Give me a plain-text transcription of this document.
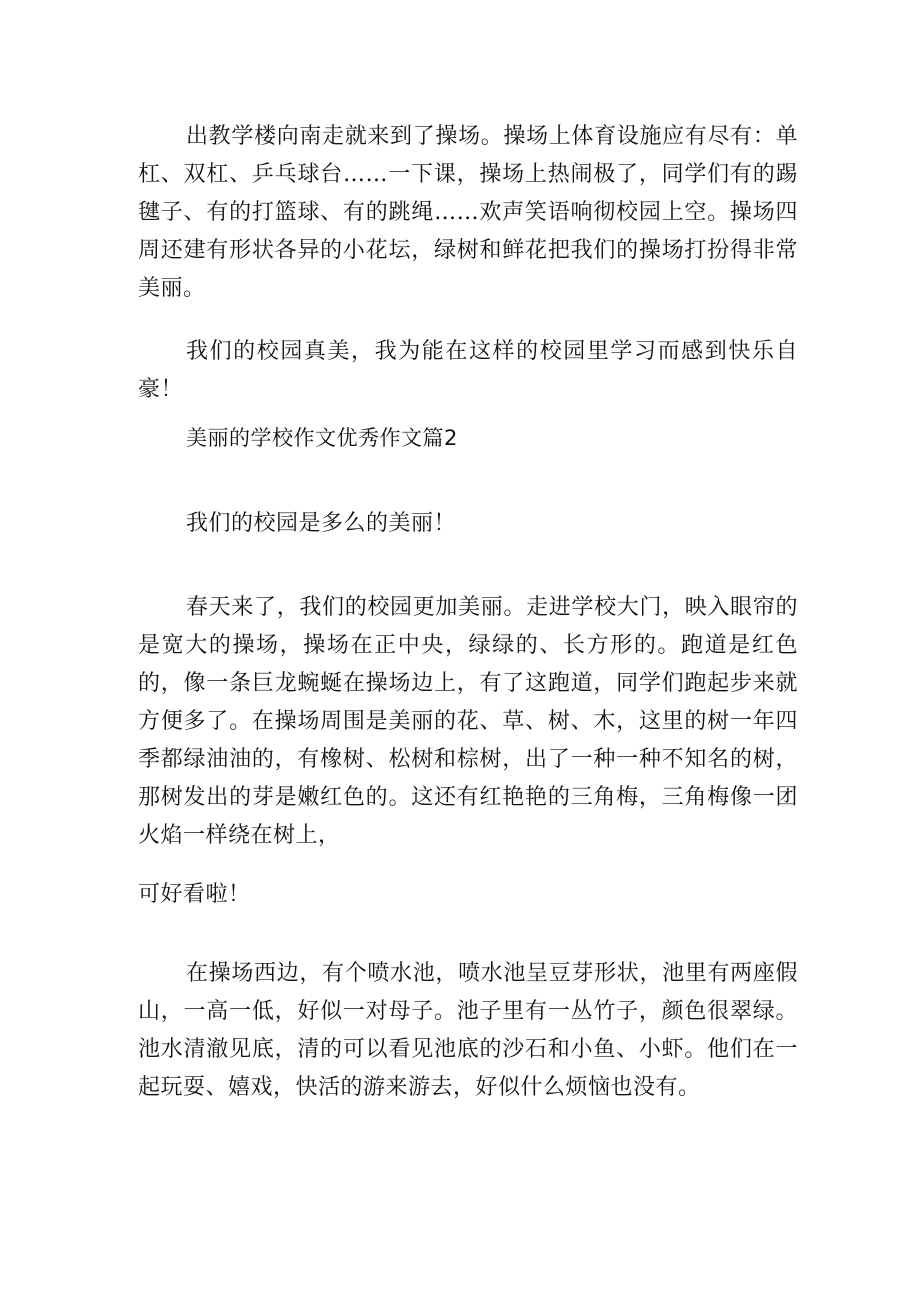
出教学楼向南走就来到了操场。操场上体育设施应有尽有：单杠、双杠、乒乓球台……一下课，操场上热闹极了，同学们有的踢毽子、有的打篮球、有的跳绳……欢声笑语响彻校园上空。操场四周还建有形状各异的小花坛，绿树和鲜花把我们的操场打扮得非常美丽。

我们的校园真美，我为能在这样的校园里学习而感到快乐自豪！

美丽的学校作文优秀作文篇2

我们的校园是多么的美丽！

春天来了，我们的校园更加美丽。走进学校大门，映入眼帘的是宽大的操场，操场在正中央，绿绿的、长方形的。跑道是红色的，像一条巨龙蜿蜒在操场边上，有了这跑道，同学们跑起步来就方便多了。在操场周围是美丽的花、草、树、木，这里的树一年四季都绿油油的，有橡树、松树和棕树，出了一种一种不知名的树，那树发出的芽是嫩红色的。这还有红艳艳的三角梅，三角梅像一团火焰一样绕在树上，

可好看啦！

在操场西边，有个喷水池，喷水池呈豆芽形状，池里有两座假山，一高一低，好似一对母子。池子里有一丛竹子，颜色很翠绿。池水清澈见底，清的可以看见池底的沙石和小鱼、小虾。他们在一起玩耍、嬉戏，快活的游来游去，好似什么烦恼也没有。
